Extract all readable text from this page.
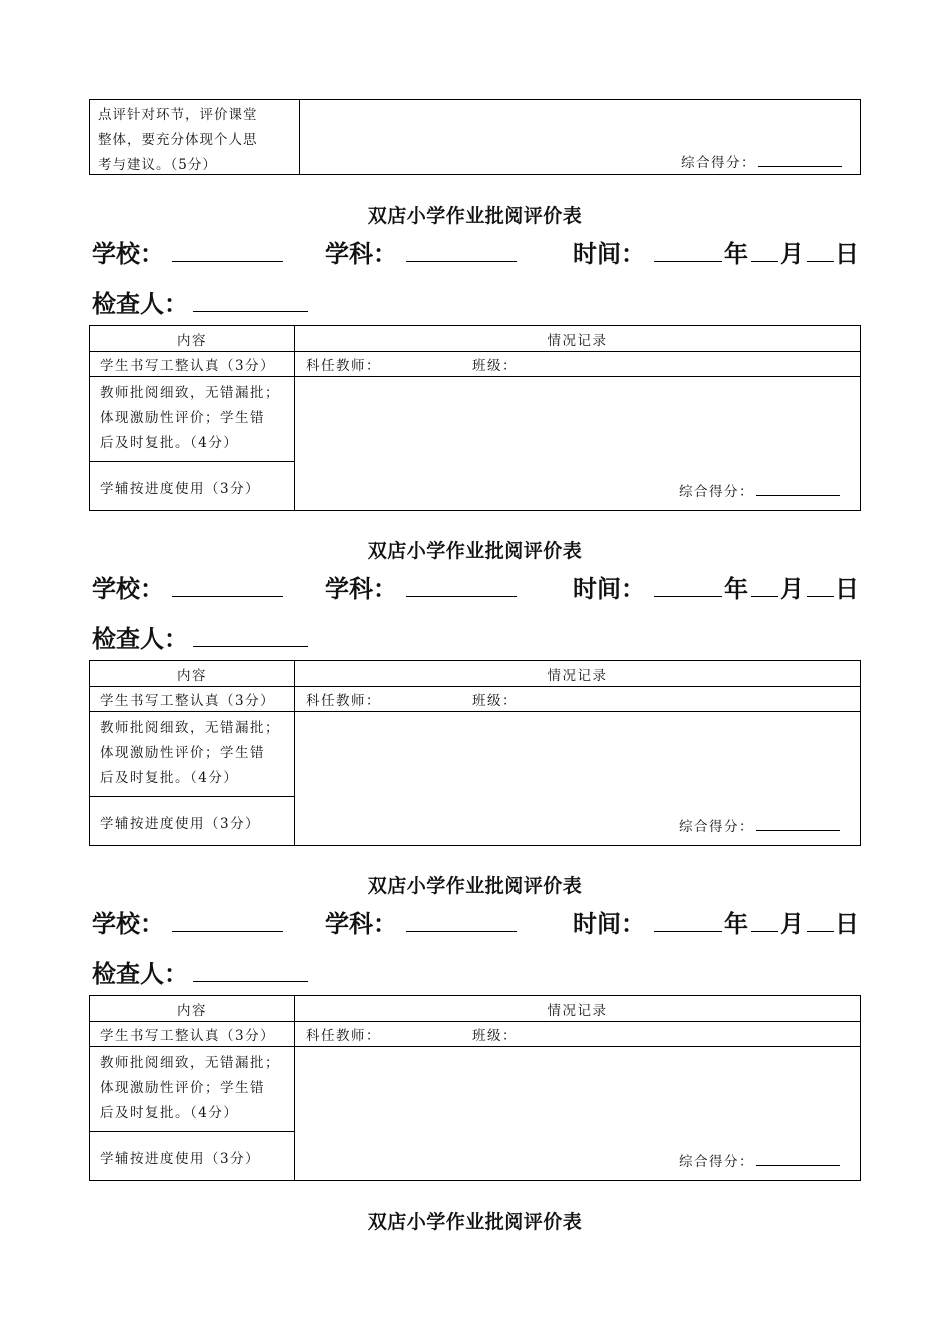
点评针对环节，评价课堂
整体，要充分体现个人思
考与建议。（5分）	综合得分：
双店小学作业批阅评价表
学校：	学科：	时间：	年 月 日
检查人：
内容	情况记录
学生书写工整认真（3分） 科任教师：	班级：
教师批阅细致，无错漏批；
体现激励性评价；学生错
后及时复批。（4分）
学辅按进度使用（3分）	综合得分：
双店小学作业批阅评价表
学校：	学科：	时间：	年 月 日
检查人：
内容	情况记录
学生书写工整认真（3分） 科任教师：	班级：
教师批阅细致，无错漏批；
体现激励性评价；学生错
后及时复批。（4分）
学辅按进度使用（3分）	综合得分：
双店小学作业批阅评价表
学校：	学科：	时间：	年 月 日
检查人：
内容	情况记录
学生书写工整认真（3分） 科任教师：	班级：
教师批阅细致，无错漏批；
体现激励性评价；学生错
后及时复批。（4分）
学辅按进度使用（3分）	综合得分：
双店小学作业批阅评价表
